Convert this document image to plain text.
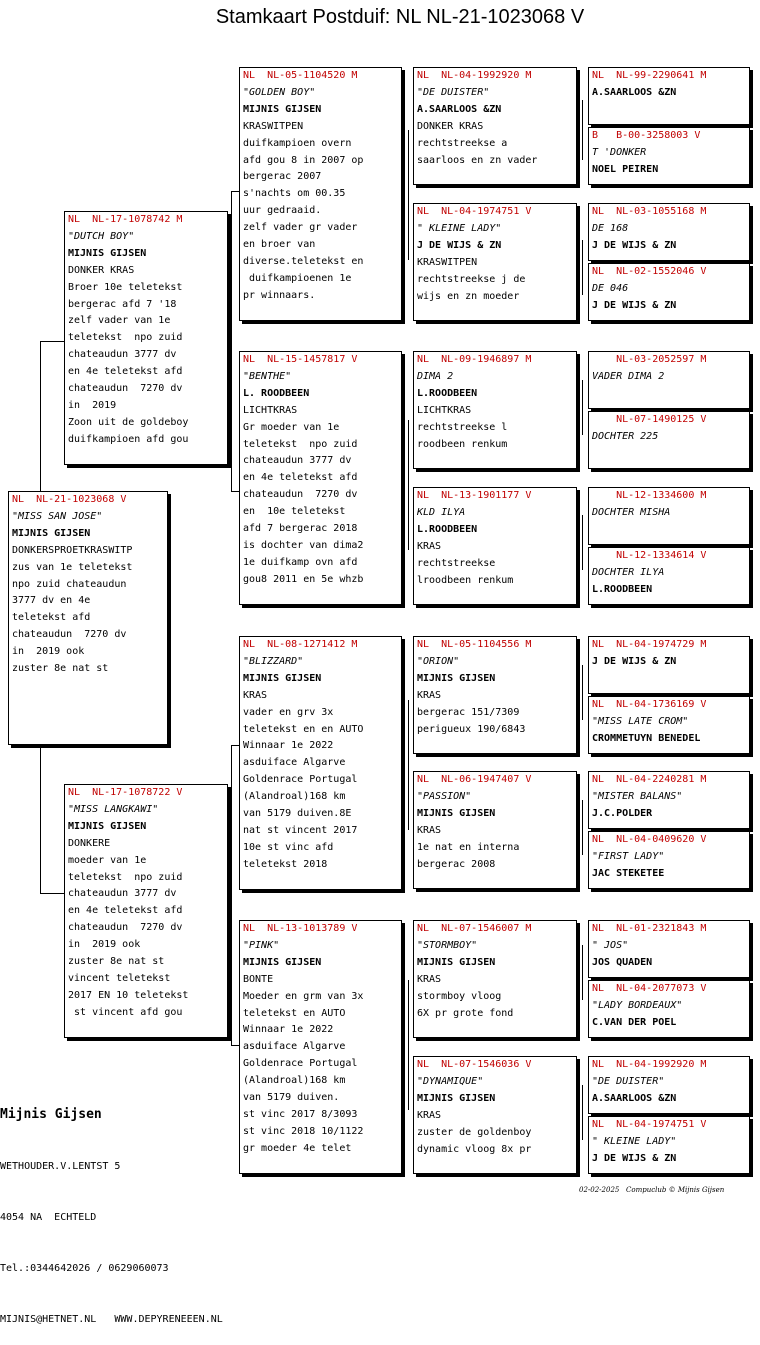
Stamkaart Postduif: NL NL-21-1023068 V
NL  NL-21-1023068 V
"MISS SAN JOSE"
MIJNIS GIJSEN
DONKERSPROETKRASWITP
zus van 1e teletekst
npo zuid chateaudun
3777 dv en 4e
teletekst afd
chateaudun  7270 dv
in  2019 ook
zuster 8e nat st
NL  NL-17-1078742 M
"DUTCH BOY"
MIJNIS GIJSEN
DONKER KRAS
Broer 10e teletekst
bergerac afd 7 '18
zelf vader van 1e
teletekst  npo zuid
chateaudun 3777 dv
en 4e teletekst afd
chateaudun  7270 dv
in  2019
Zoon uit de goldeboy
duifkampioen afd gou
NL  NL-17-1078722 V
"MISS LANGKAWI"
MIJNIS GIJSEN
DONKERE
moeder van 1e
teletekst  npo zuid
chateaudun 3777 dv
en 4e teletekst afd
chateaudun  7270 dv
in  2019 ook
zuster 8e nat st
vincent teletekst
2017 EN 10 teletekst
st vincent afd gou
NL  NL-05-1104520 M
"GOLDEN BOY"
MIJNIS GIJSEN
KRASWITPEN
duifkampioen overn
afd gou 8 in 2007 op
bergerac 2007
s'nachts om 00.35
uur gedraaid.
zelf vader gr vader
en broer van
diverse.teletekst en
duifkampioenen 1e
pr winnaars.
NL  NL-15-1457817 V
"BENTHE"
L. ROODBEEN
LICHTKRAS
Gr moeder van 1e
teletekst  npo zuid
chateaudun 3777 dv
en 4e teletekst afd
chateaudun  7270 dv
en  10e teletekst
afd 7 bergerac 2018
is dochter van dima2
1e duifkamp ovn afd
gou8 2011 en 5e whzb
NL  NL-08-1271412 M
"BLIZZARD"
MIJNIS GIJSEN
KRAS
vader en grv 3x
teletekst en en AUTO
Winnaar 1e 2022
asduiface Algarve
Goldenrace Portugal
(Alandroal)168 km
van 5179 duiven.8E
nat st vincent 2017
10e st vinc afd
teletekst 2018
NL  NL-13-1013789 V
"PINK"
MIJNIS GIJSEN
BONTE
Moeder en grm van 3x
teletekst en AUTO
Winnaar 1e 2022
asduiface Algarve
Goldenrace Portugal
(Alandroal)168 km
van 5179 duiven.
st vinc 2017 8/3093
st vinc 2018 10/1122
gr moeder 4e telet
NL  NL-04-1992920 M
"DE DUISTER"
A.SAARLOOS &ZN
DONKER KRAS
rechtstreekse a
saarloos en zn vader
NL  NL-04-1974751 V
" KLEINE LADY"
J DE WIJS & ZN
KRASWITPEN
rechtstreekse j de
wijs en zn moeder
NL  NL-09-1946897 M
DIMA 2
L.ROODBEEN
LICHTKRAS
rechtstreekse l
roodbeen renkum
NL  NL-13-1901177 V
KLD ILYA
L.ROODBEEN
KRAS
rechtstreekse
lroodbeen renkum
NL  NL-05-1104556 M
"ORION"
MIJNIS GIJSEN
KRAS
bergerac 151/7309
perigueux 190/6843
NL  NL-06-1947407 V
"PASSION"
MIJNIS GIJSEN
KRAS
1e nat en interna
bergerac 2008
NL  NL-07-1546007 M
"STORMBOY"
MIJNIS GIJSEN
KRAS
stormboy vloog
6X pr grote fond
NL  NL-07-1546036 V
"DYNAMIQUE"
MIJNIS GIJSEN
KRAS
zuster de goldenboy
dynamic vloog 8x pr
NL  NL-99-2290641 M
A.SAARLOOS &ZN
B   B-00-3258003 V
T 'DONKER
NOEL PEIREN
NL  NL-03-1055168 M
DE 168
J DE WIJS & ZN
NL  NL-02-1552046 V
DE 046
J DE WIJS & ZN
NL-03-2052597 M
VADER DIMA 2
NL-07-1490125 V
DOCHTER 225
NL-12-1334600 M
DOCHTER MISHA
NL-12-1334614 V
DOCHTER ILYA
L.ROODBEEN
NL  NL-04-1974729 M
J DE WIJS & ZN
NL  NL-04-1736169 V
"MISS LATE CROM"
CROMMETUYN BENEDEL
NL  NL-04-2240281 M
"MISTER BALANS"
J.C.POLDER
NL  NL-04-0409620 V
"FIRST LADY"
JAC STEKETEE
NL  NL-01-2321843 M
" JOS"
JOS QUADEN
NL  NL-04-2077073 V
"LADY BORDEAUX"
C.VAN DER POEL
NL  NL-04-1992920 M
"DE DUISTER"
A.SAARLOOS &ZN
NL  NL-04-1974751 V
" KLEINE LADY"
J DE WIJS & ZN

Mijnis Gijsen

WETHOUDER.V.LENTST 5

4054 NA  ECHTELD

Tel.:0344642026 / 0629060073

MIJNIS@HETNET.NL   WWW.DEPYRENEEEN.NL

02-02-2025   Compuclub © Mijnis Gijsen
